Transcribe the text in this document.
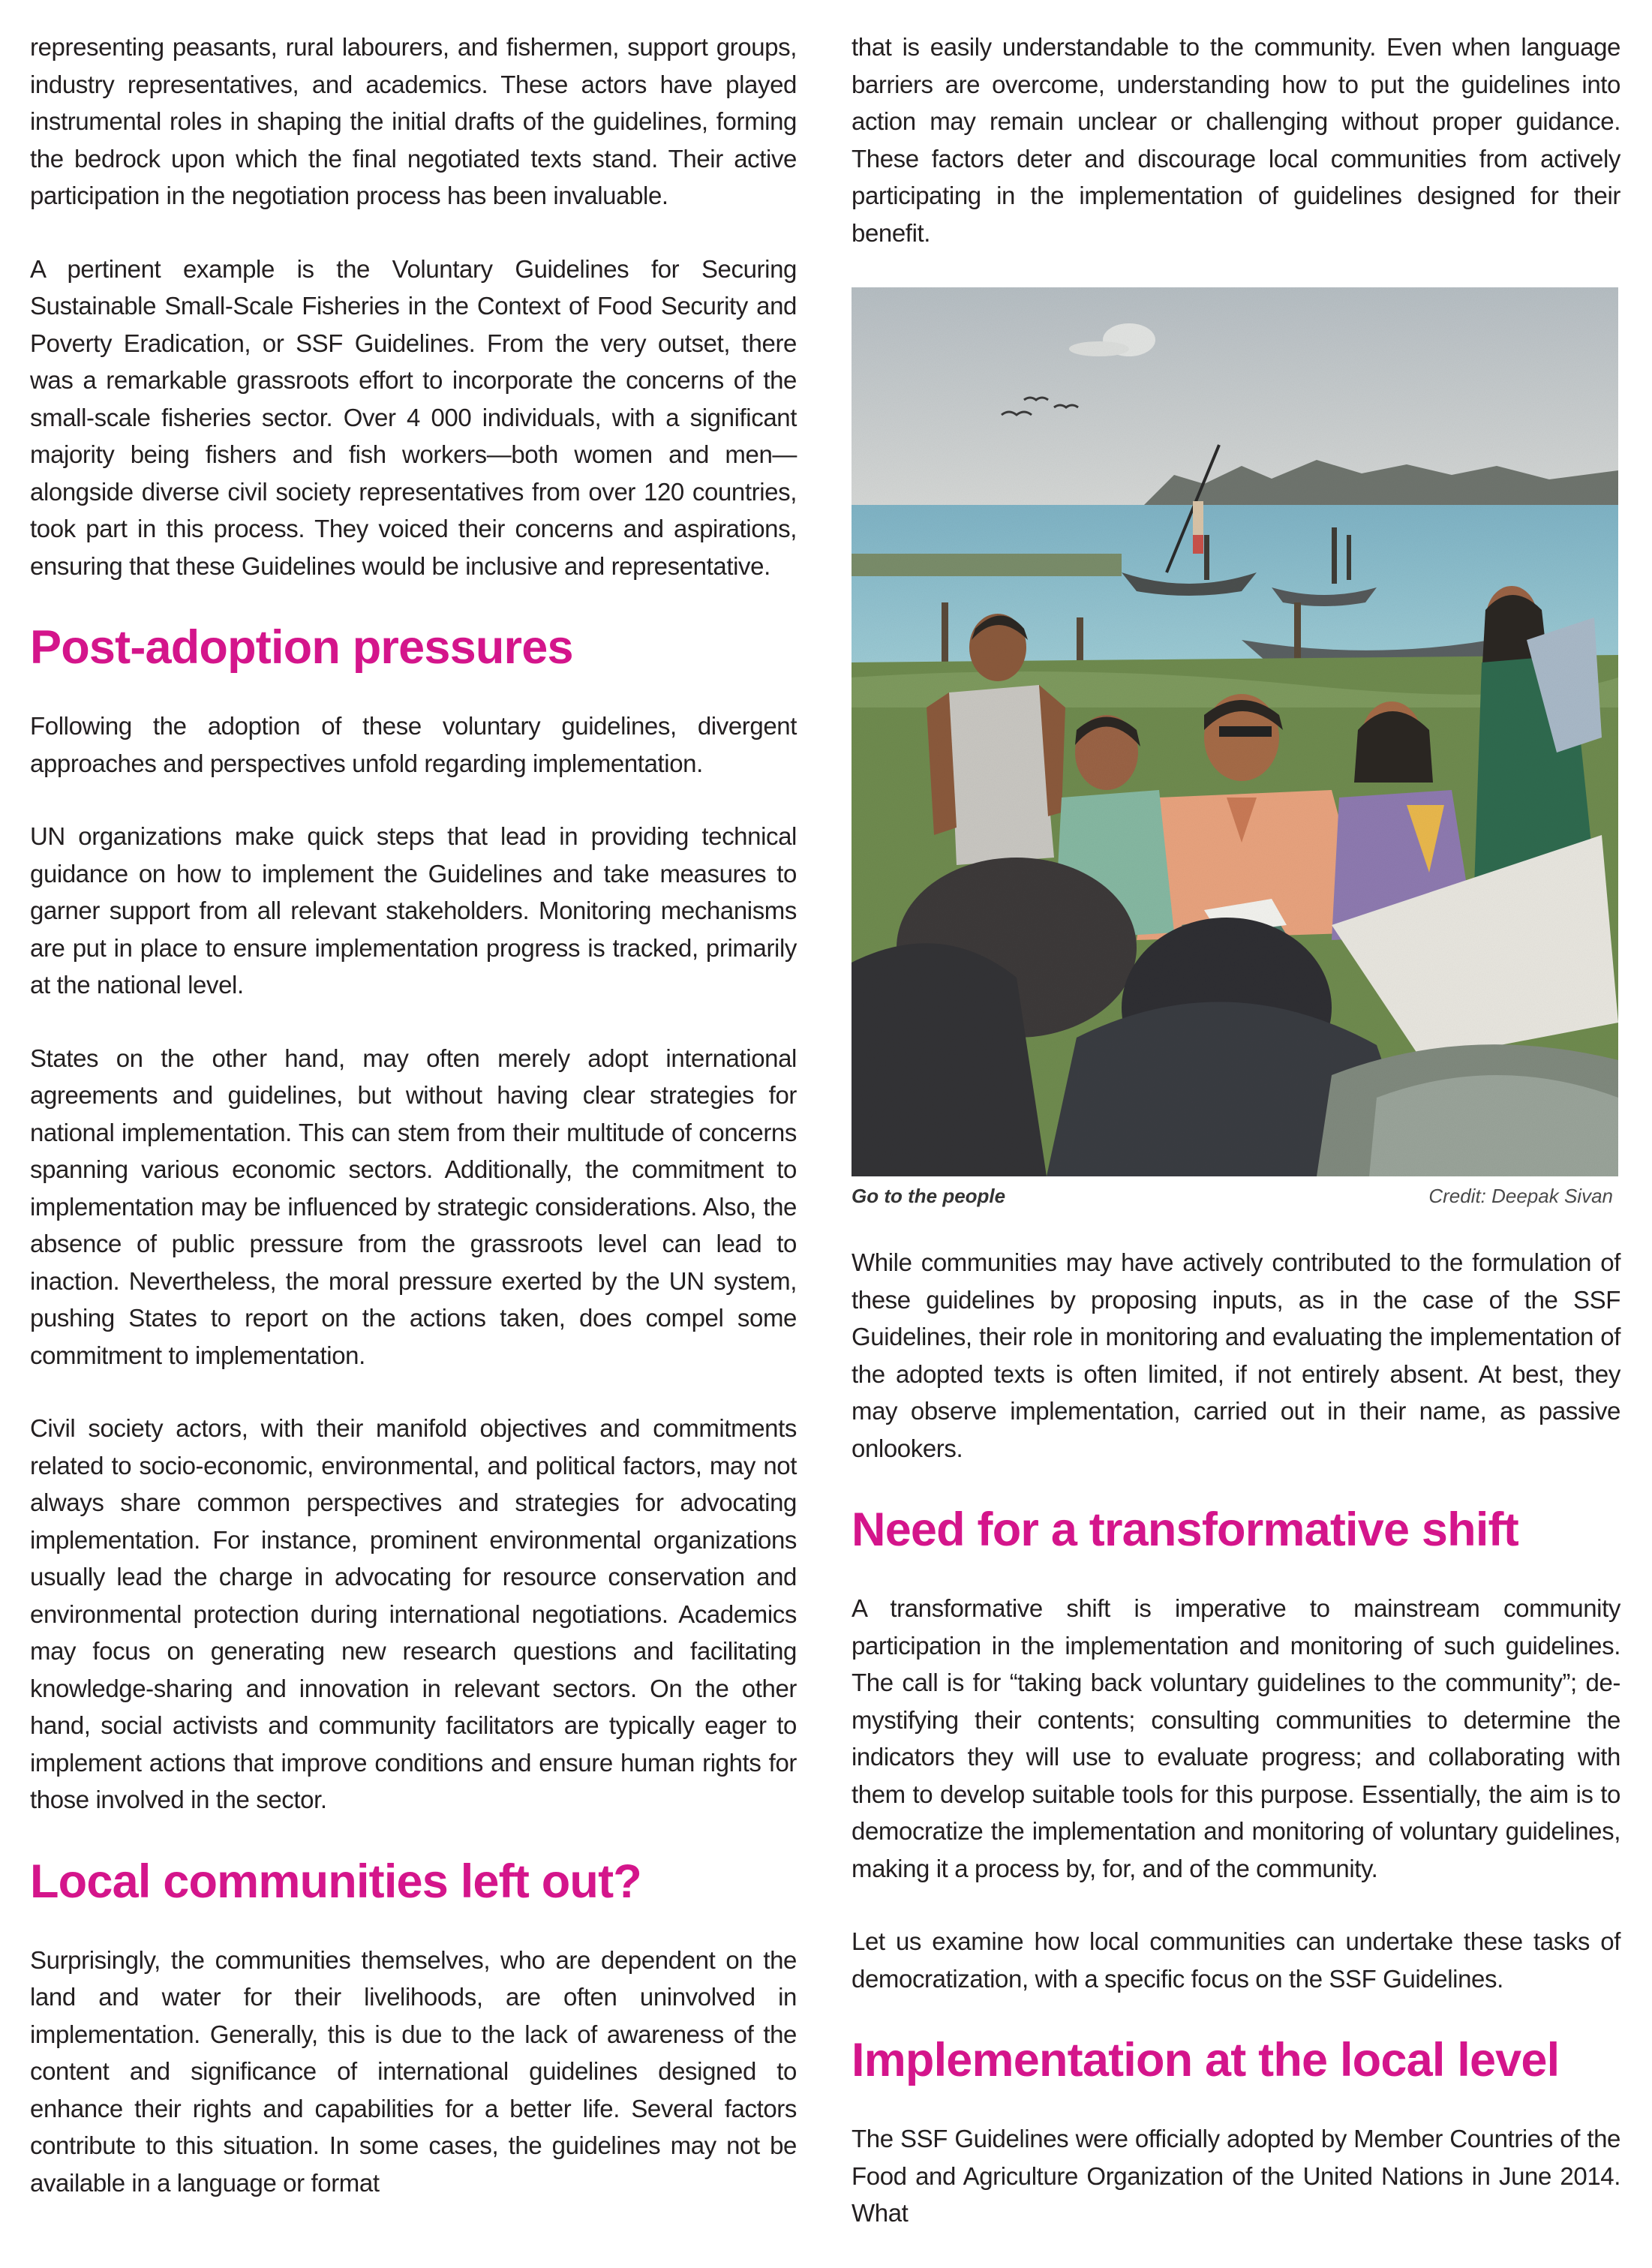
representing peasants, rural labourers, and fishermen, support groups, industry representatives, and academics. These actors have played instrumental roles in shaping the initial drafts of the guidelines, forming the bedrock upon which the final negotiated texts stand. Their active participation in the negotiation process has been invaluable.

A pertinent example is the Voluntary Guidelines for Securing Sustainable Small-Scale Fisheries in the Context of Food Security and Poverty Eradication, or SSF Guidelines. From the very outset, there was a remarkable grassroots effort to incorporate the concerns of the small-scale fisheries sector. Over 4 000 individuals, with a significant majority being fishers and fish workers—both women and men—alongside diverse civil society representatives from over 120 countries, took part in this process. They voiced their concerns and aspirations, ensuring that these Guidelines would be inclusive and representative.

Post-adoption pressures

Following the adoption of these voluntary guidelines, divergent approaches and perspectives unfold regarding implementation.

UN organizations make quick steps that lead in providing technical guidance on how to implement the Guidelines and take measures to garner support from all relevant stakeholders. Monitoring mechanisms are put in place to ensure implementation progress is tracked, primarily at the national level.

States on the other hand, may often merely adopt international agreements and guidelines, but without having clear strategies for national implementation. This can stem from their multitude of concerns spanning various economic sectors. Additionally, the commitment to implementation may be influenced by strategic considerations. Also, the absence of public pressure from the grassroots level can lead to inaction. Nevertheless, the moral pressure exerted by the UN system, pushing States to report on the actions taken, does compel some commitment to implementation.

Civil society actors, with their manifold objectives and commitments related to socio-economic, environmental, and political factors, may not always share common perspectives and strategies for advocating implementation. For instance, prominent environmental organizations usually lead the charge in advocating for resource conservation and environmental protection during international negotiations. Academics may focus on generating new research questions and facilitating knowledge-sharing and innovation in relevant sectors. On the other hand, social activists and community facilitators are typically eager to implement actions that improve conditions and ensure human rights for those involved in the sector.

Local communities left out?

Surprisingly, the communities themselves, who are dependent on the land and water for their livelihoods, are often uninvolved in implementation. Generally, this is due to the lack of awareness of the content and significance of international guidelines designed to enhance their rights and capabilities for a better life. Several factors contribute to this situation. In some cases, the guidelines may not be available in a language or format

that is easily understandable to the community. Even when language barriers are overcome, understanding how to put the guidelines into action may remain unclear or challenging without proper guidance. These factors deter and discourage local communities from actively participating in the implementation of guidelines designed for their benefit.

Go to the people	Credit: Deepak Sivan

While communities may have actively contributed to the formulation of these guidelines by proposing inputs, as in the case of the SSF Guidelines, their role in monitoring and evaluating the implementation of the adopted texts is often limited, if not entirely absent. At best, they may observe implementation, carried out in their name, as passive onlookers.

Need for a transformative shift

A transformative shift is imperative to mainstream community participation in the implementation and monitoring of such guidelines. The call is for “taking back voluntary guidelines to the community”; de-mystifying their contents; consulting communities to determine the indicators they will use to evaluate progress; and collaborating with them to develop suitable tools for this purpose. Essentially, the aim is to democratize the implementation and monitoring of voluntary guidelines, making it a process by, for, and of the community.

Let us examine how local communities can undertake these tasks of democratization, with a specific focus on the SSF Guidelines.

Implementation at the local level

The SSF Guidelines were officially adopted by Member Countries of the Food and Agriculture Organization of the United Nations in June 2014. What
